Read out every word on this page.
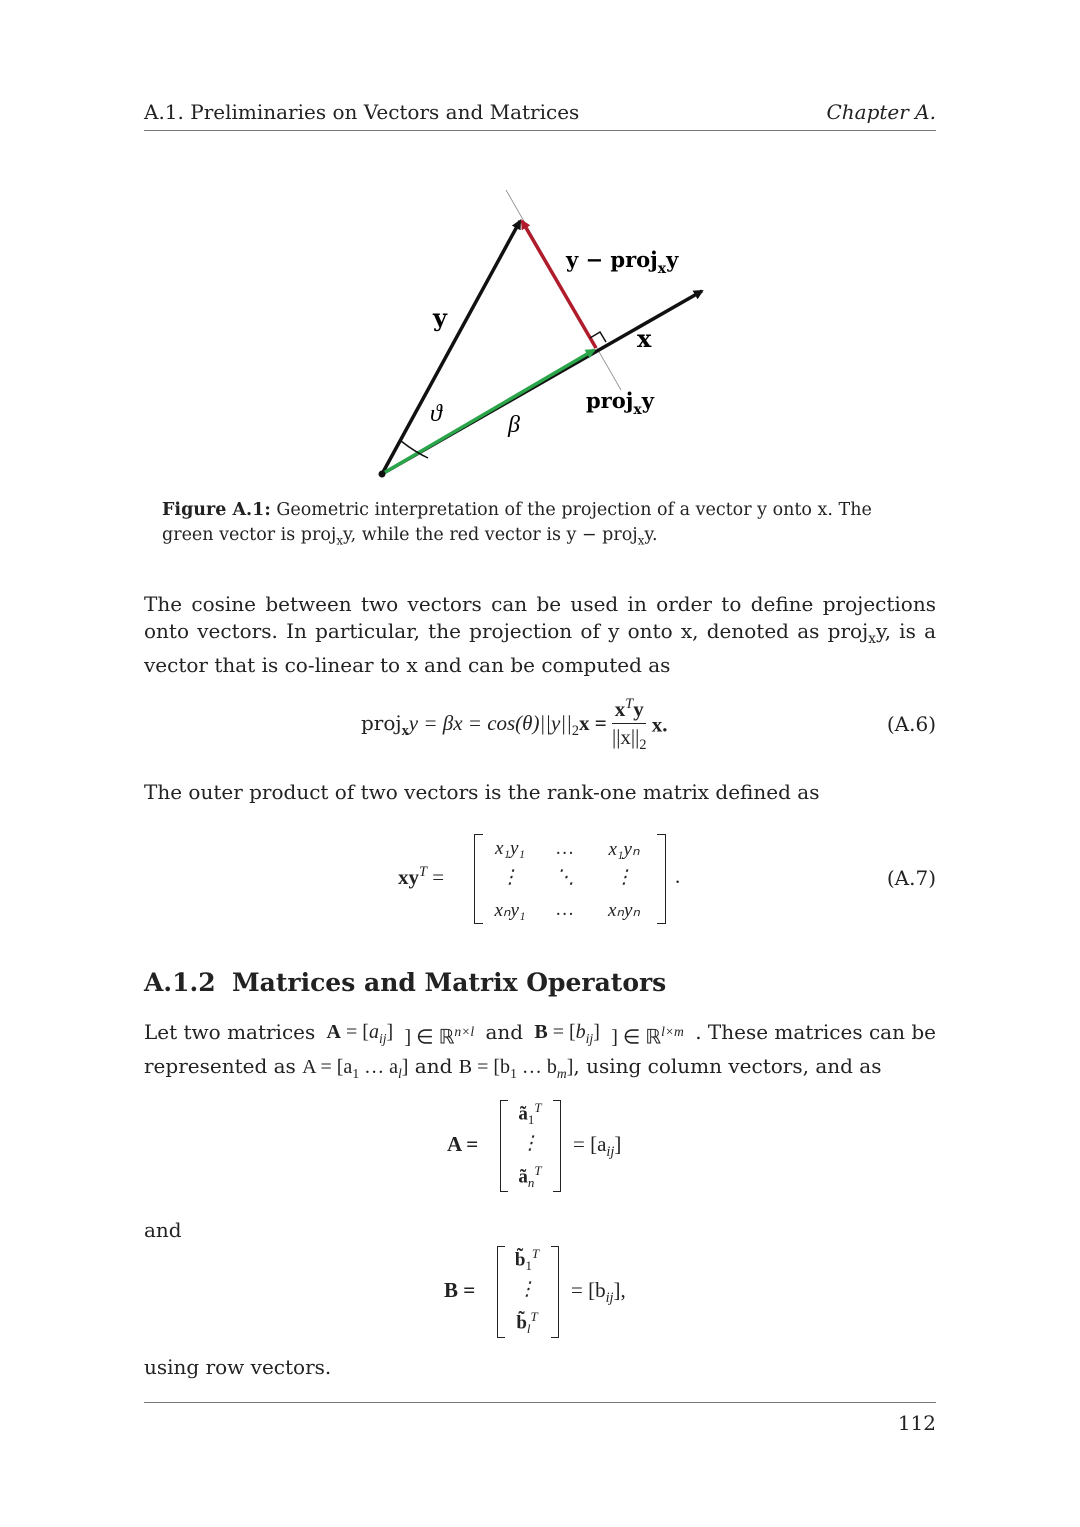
A.1. Preliminaries on Vectors and Matrices	Chapter A.
y
x
ϑ	β
y − proj$_x$y
proj$_x$y
Figure A.1: Geometric interpretation of the projection of a vector y onto x. The green vector is proj$_x$y, while the red vector is y − proj$_x$y.
The cosine between two vectors can be used in order to define projections onto vectors. In particular, the projection of y onto x, denoted as proj$_x$y, is a vector that is co-linear to x and can be computed as
proj$_x$y = $\beta x = \cos(\theta)||y||_2x = \frac{x^Ty}{||x||_2} x$.	(A.6)
The outer product of two vectors is the rank-one matrix defined as
$xy^T$ =
x₁y₁	…	x₁yₙ
⋮	⋱	⋮
xₙy₁	…	xₙyₙ
.	(A.7)
A.1.2 Matrices and Matrix Operators
Let two matrices $A = [a_{ij}]$ ] ∈ ℝ$^{n\times l}$ and $B = [b_{ij}]$ ] ∈ ℝ$^{l\times m}$ . These matrices can be
represented as $A = [a_1$ … $a_l$] and $B = [b_1$ … $b_m$], using column vectors, and as
A =
$ã_1^T$
⋮
$ã_n^T$
= $[a_{ij}]$
and
B =
$b̃_1^T$
⋮
$b̃_l^T$
= $[b_{ij}]$,
using row vectors.
112
